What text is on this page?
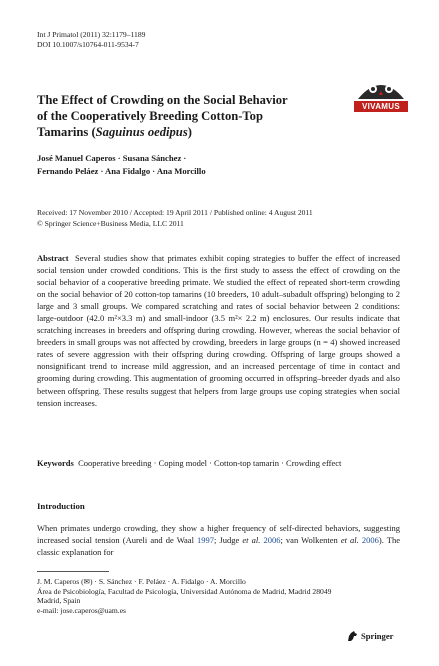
Int J Primatol (2011) 32:1179–1189
DOI 10.1007/s10764-011-9534-7
VIVAMUS
The Effect of Crowding on the Social Behavior
of the Cooperatively Breeding Cotton-Top
Tamarins (Saguinus oedipus)
José Manuel Caperos · Susana Sánchez ·
Fernando Peláez · Ana Fidalgo · Ana Morcillo
Received: 17 November 2010 / Accepted: 19 April 2011 / Published online: 4 August 2011
© Springer Science+Business Media, LLC 2011
Abstract Several studies show that primates exhibit coping strategies to buffer the effect of increased social tension under crowded conditions. This is the first study to assess the effect of crowding on the social behavior of a cooperative breeding primate. We studied the effect of repeated short-term crowding on the social behavior of 20 cotton-top tamarins (10 breeders, 10 adult–subadult offspring) belonging to 2 large and 3 small groups. We compared scratching and rates of social behavior between 2 conditions: large-outdoor (42.0 m²×3.3 m) and small-indoor (3.5 m²× 2.2 m) enclosures. Our results indicate that scratching increases in breeders and offspring during crowding. However, whereas the social behavior of breeders in small groups was not affected by crowding, breeders in large groups (n = 4) showed increased rates of severe aggression with their offspring during crowding. Offspring of large groups showed a nonsignificant trend to increase mild aggression, and an increased percentage of time in contact and grooming during crowding. This augmentation of grooming occurred in offspring–breeder dyads and also between offspring. These results suggest that helpers from large groups use coping strategies when social tension increases.
Keywords Cooperative breeding · Coping model · Cotton-top tamarin · Crowding effect
Introduction
When primates undergo crowding, they show a higher frequency of self-directed behaviors, suggesting increased social tension (Aureli and de Waal 1997; Judge et al. 2006; van Wolkenten et al. 2006). The classic explanation for
J. M. Caperos (✉) · S. Sánchez · F. Peláez · A. Fidalgo · A. Morcillo
Área de Psicobiología, Facultad de Psicología, Universidad Autónoma de Madrid, Madrid 28049
Madrid, Spain
e-mail: jose.caperos@uam.es
Springer
